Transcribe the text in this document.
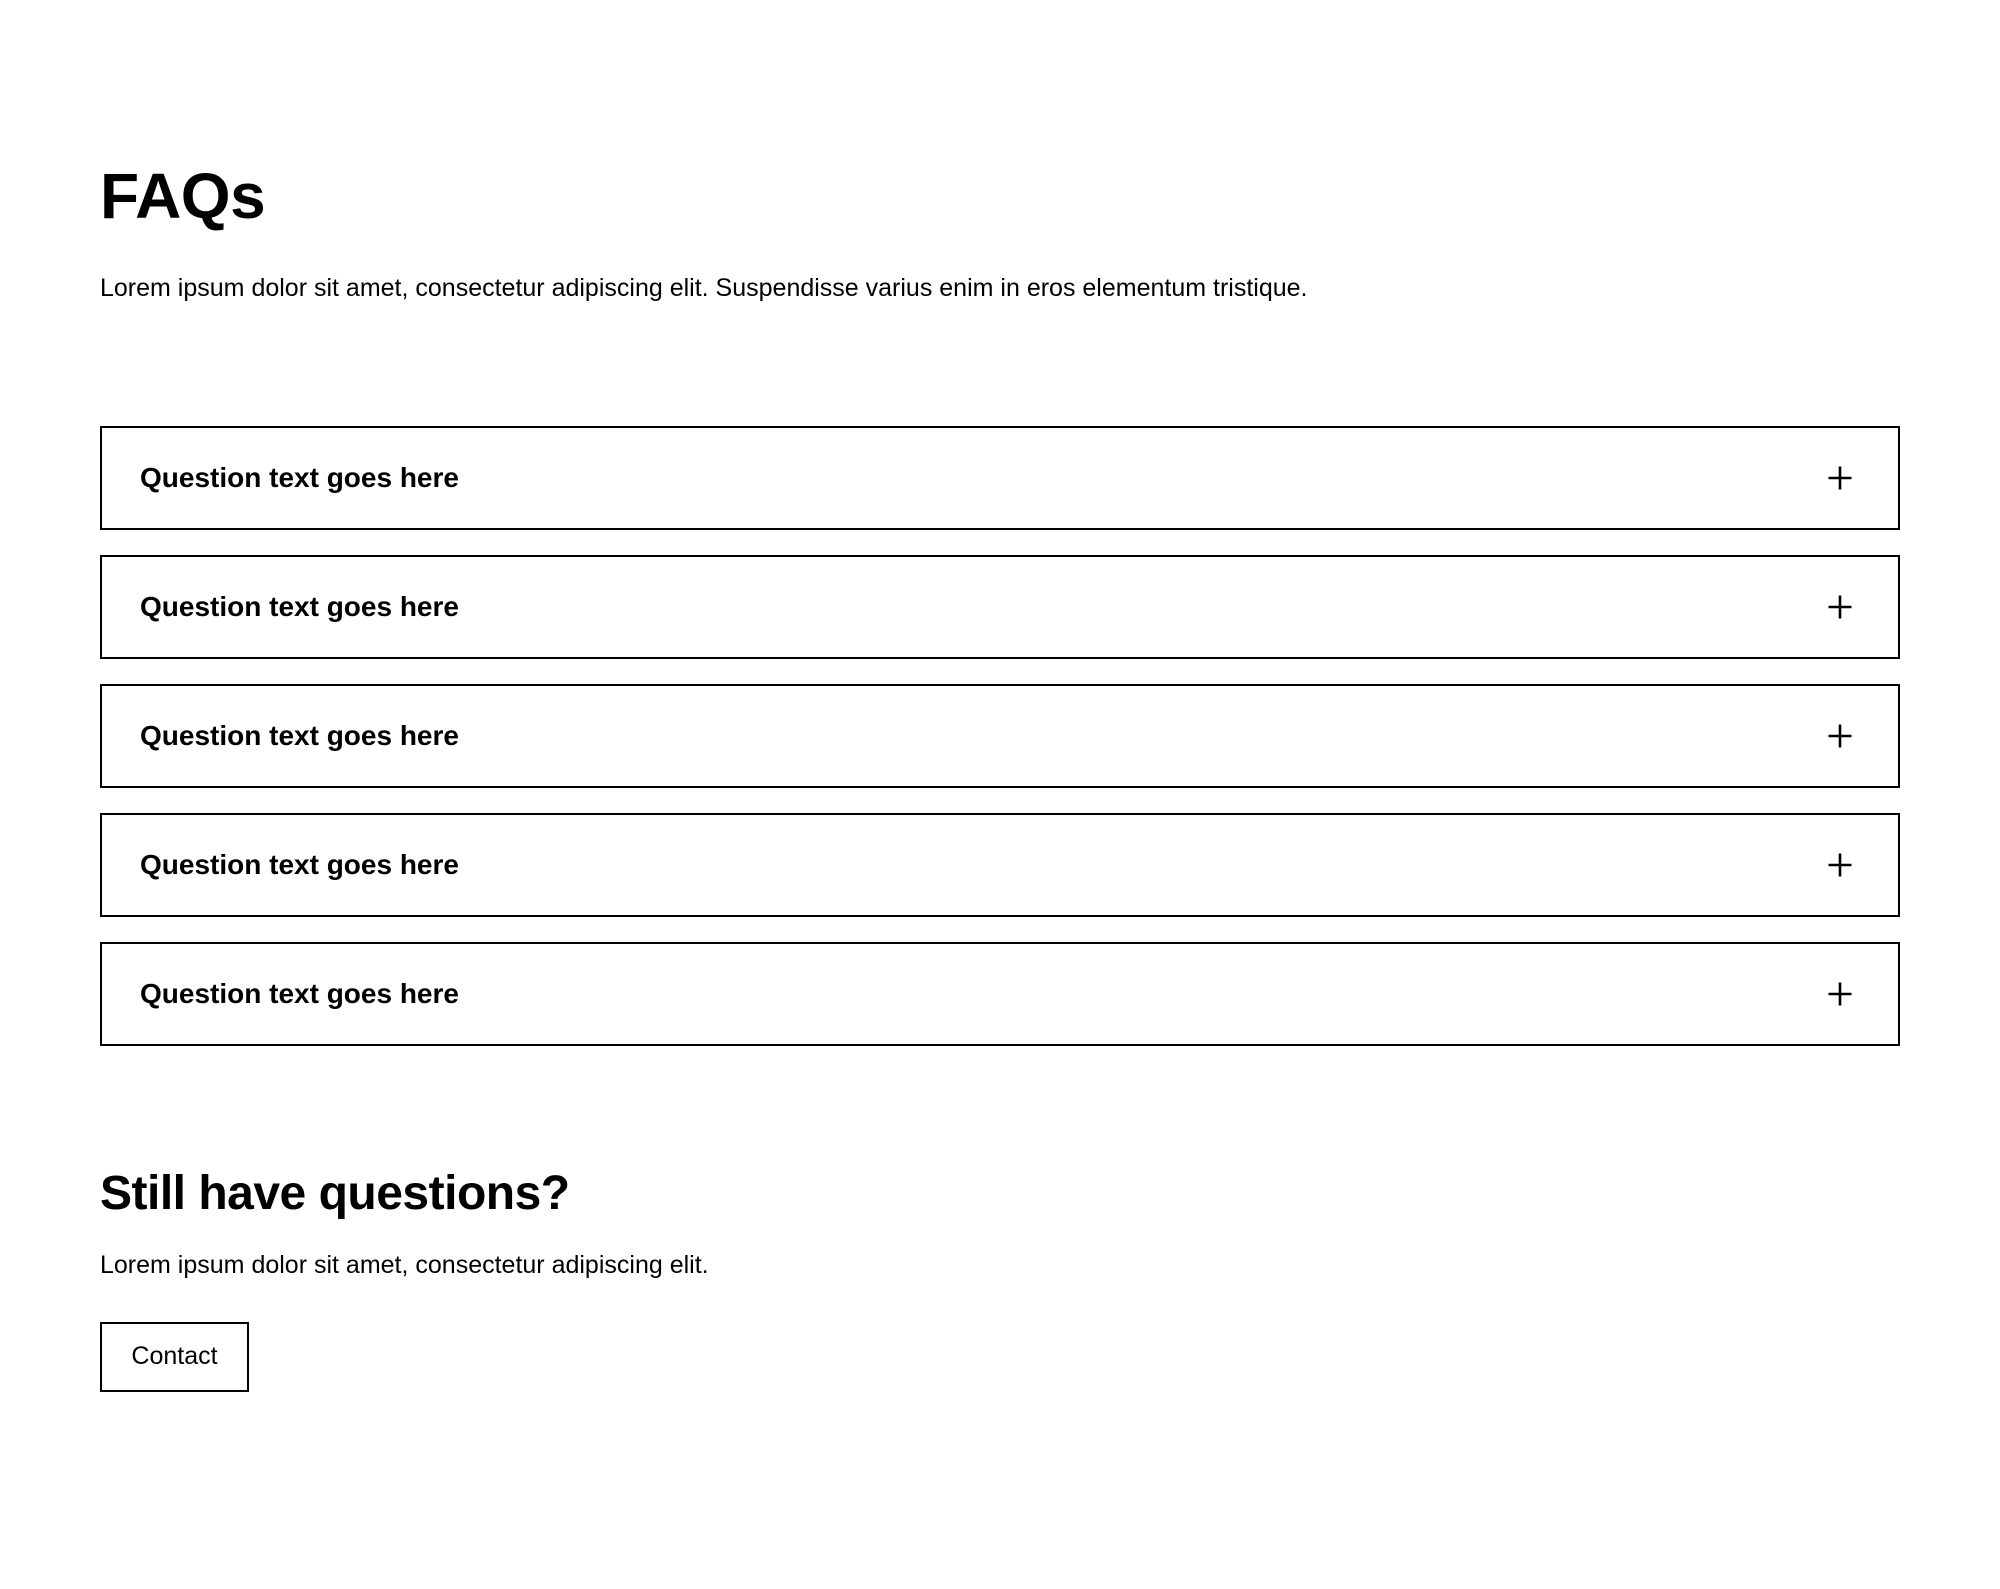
FAQs

Lorem ipsum dolor sit amet, consectetur adipiscing elit. Suspendisse varius enim in eros elementum tristique.

Question text goes here
Question text goes here
Question text goes here
Question text goes here
Question text goes here
Still have questions?

Lorem ipsum dolor sit amet, consectetur adipiscing elit.

Contact
